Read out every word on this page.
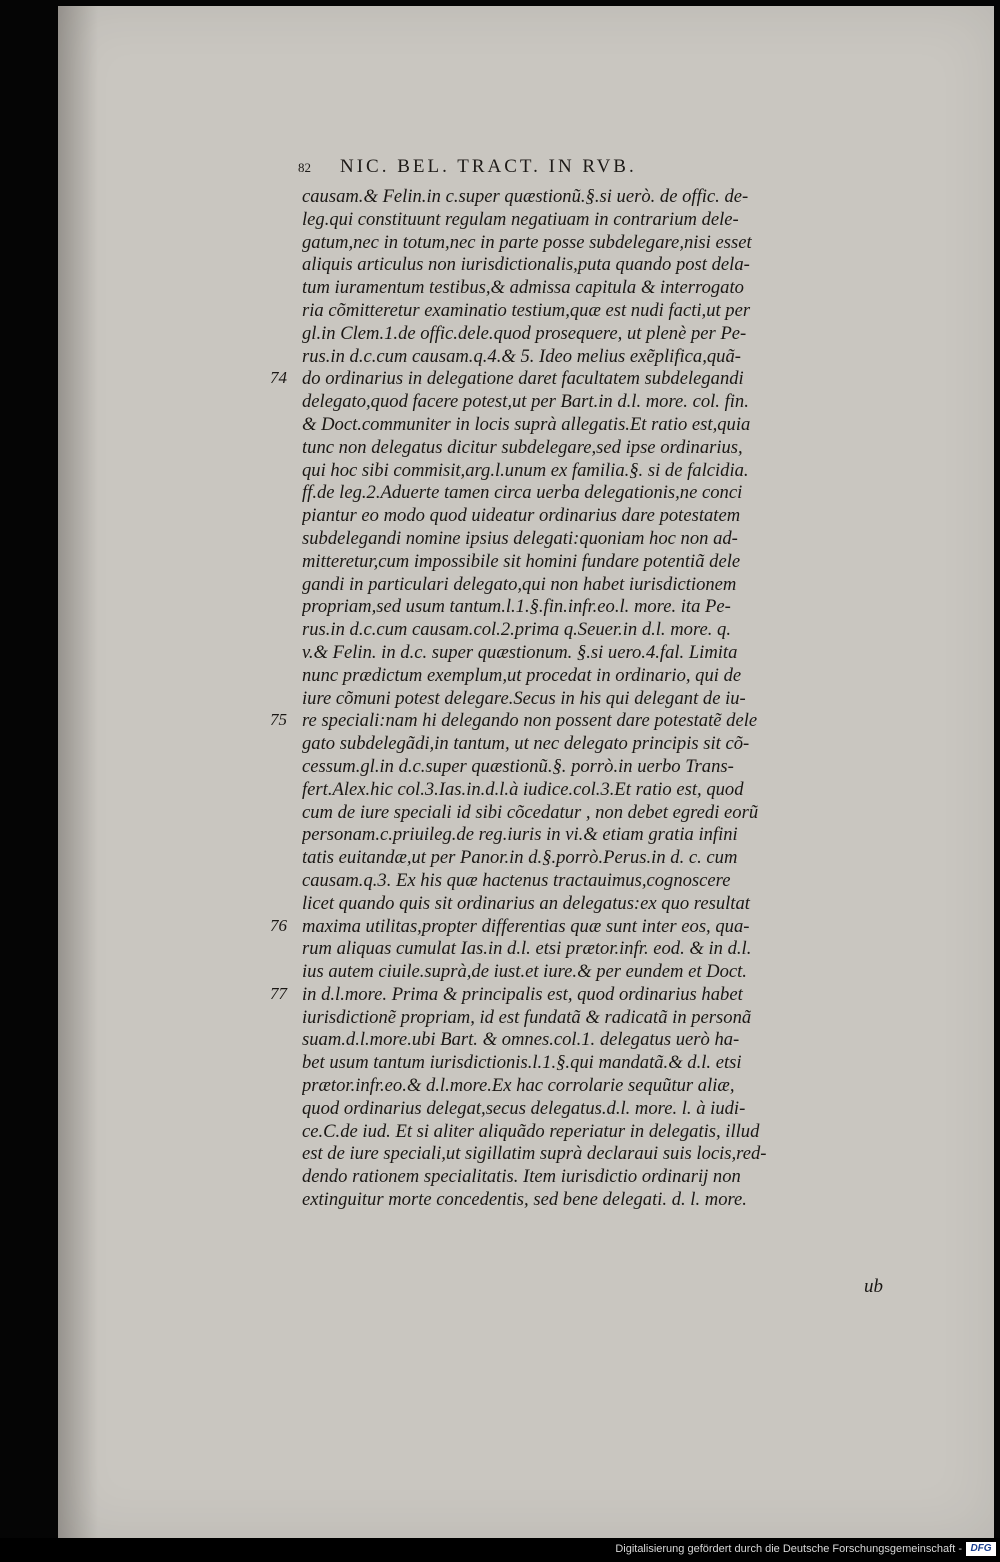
82 NIC. BEL. TRACT. IN RVB.
causam.& Felin.in c.super quæstionũ.§.si uerò. de offic. de-
leg.qui constituunt regulam negatiuam in contrarium dele-
gatum,nec in totum,nec in parte posse subdelegare,nisi esset
aliquis articulus non iurisdictionalis,puta quando post dela-
tum iuramentum testibus,& admissa capitula & interrogato
ria cõmitteretur examinatio testium,quæ est nudi facti,ut per
gl.in Clem.1.de offic.dele.quod prosequere, ut plenè per Pe-
rus.in d.c.cum causam.q.4.& 5. Ideo melius exẽplifica,quã-
do ordinarius in delegatione daret facultatem subdelegandi
delegato,quod facere potest,ut per Bart.in d.l. more. col. fin.
& Doct.communiter in locis suprà allegatis.Et ratio est,quia
tunc non delegatus dicitur subdelegare,sed ipse ordinarius,
qui hoc sibi commisit,arg.l.unum ex familia.§. si de falcidia.
ff.de leg.2.Aduerte tamen circa uerba delegationis,ne conci
piantur eo modo quod uideatur ordinarius dare potestatem
subdelegandi nomine ipsius delegati:quoniam hoc non ad-
mitteretur,cum impossibile sit homini fundare potentiã dele
gandi in particulari delegato,qui non habet iurisdictionem
propriam,sed usum tantum.l.1.§.fin.infr.eo.l. more. ita Pe-
rus.in d.c.cum causam.col.2.prima q.Seuer.in d.l. more. q.
v.& Felin. in d.c. super quæstionum. §.si uero.4.fal. Limita
nunc prædictum exemplum,ut procedat in ordinario, qui de
iure cõmuni potest delegare.Secus in his qui delegant de iu-
re speciali:nam hi delegando non possent dare potestatẽ dele
gato subdelegãdi,in tantum, ut nec delegato principis sit cõ-
cessum.gl.in d.c.super quæstionũ.§. porrò.in uerbo Trans-
fert.Alex.hic col.3.Ias.in.d.l.à iudice.col.3.Et ratio est, quod
cum de iure speciali id sibi cõcedatur , non debet egredi eorũ
personam.c.priuileg.de reg.iuris in vi.& etiam gratia infini
tatis euitandæ,ut per Panor.in d.§.porrò.Perus.in d. c. cum
causam.q.3. Ex his quæ hactenus tractauimus,cognoscere
licet quando quis sit ordinarius an delegatus:ex quo resultat
maxima utilitas,propter differentias quæ sunt inter eos, qua-
rum aliquas cumulat Ias.in d.l. etsi prætor.infr. eod. & in d.l.
ius autem ciuile.suprà,de iust.et iure.& per eundem et Doct.
in d.l.more. Prima & principalis est, quod ordinarius habet
iurisdictionẽ propriam, id est fundatã & radicatã in personã
suam.d.l.more.ubi Bart. & omnes.col.1. delegatus uerò ha-
bet usum tantum iurisdictionis.l.1.§.qui mandatã.& d.l. etsi
prætor.infr.eo.& d.l.more.Ex hac corrolarie sequũtur aliæ,
quod ordinarius delegat,secus delegatus.d.l. more. l. à iudi-
ce.C.de iud. Et si aliter aliquãdo reperiatur in delegatis, illud
est de iure speciali,ut sigillatim suprà declaraui suis locis,red-
dendo rationem specialitatis. Item iurisdictio ordinarij non
extinguitur morte concedentis, sed bene delegati. d. l. more.
74
75
76
77
ub
Digitalisierung gefördert durch die Deutsche Forschungsgemeinschaft - DFG
